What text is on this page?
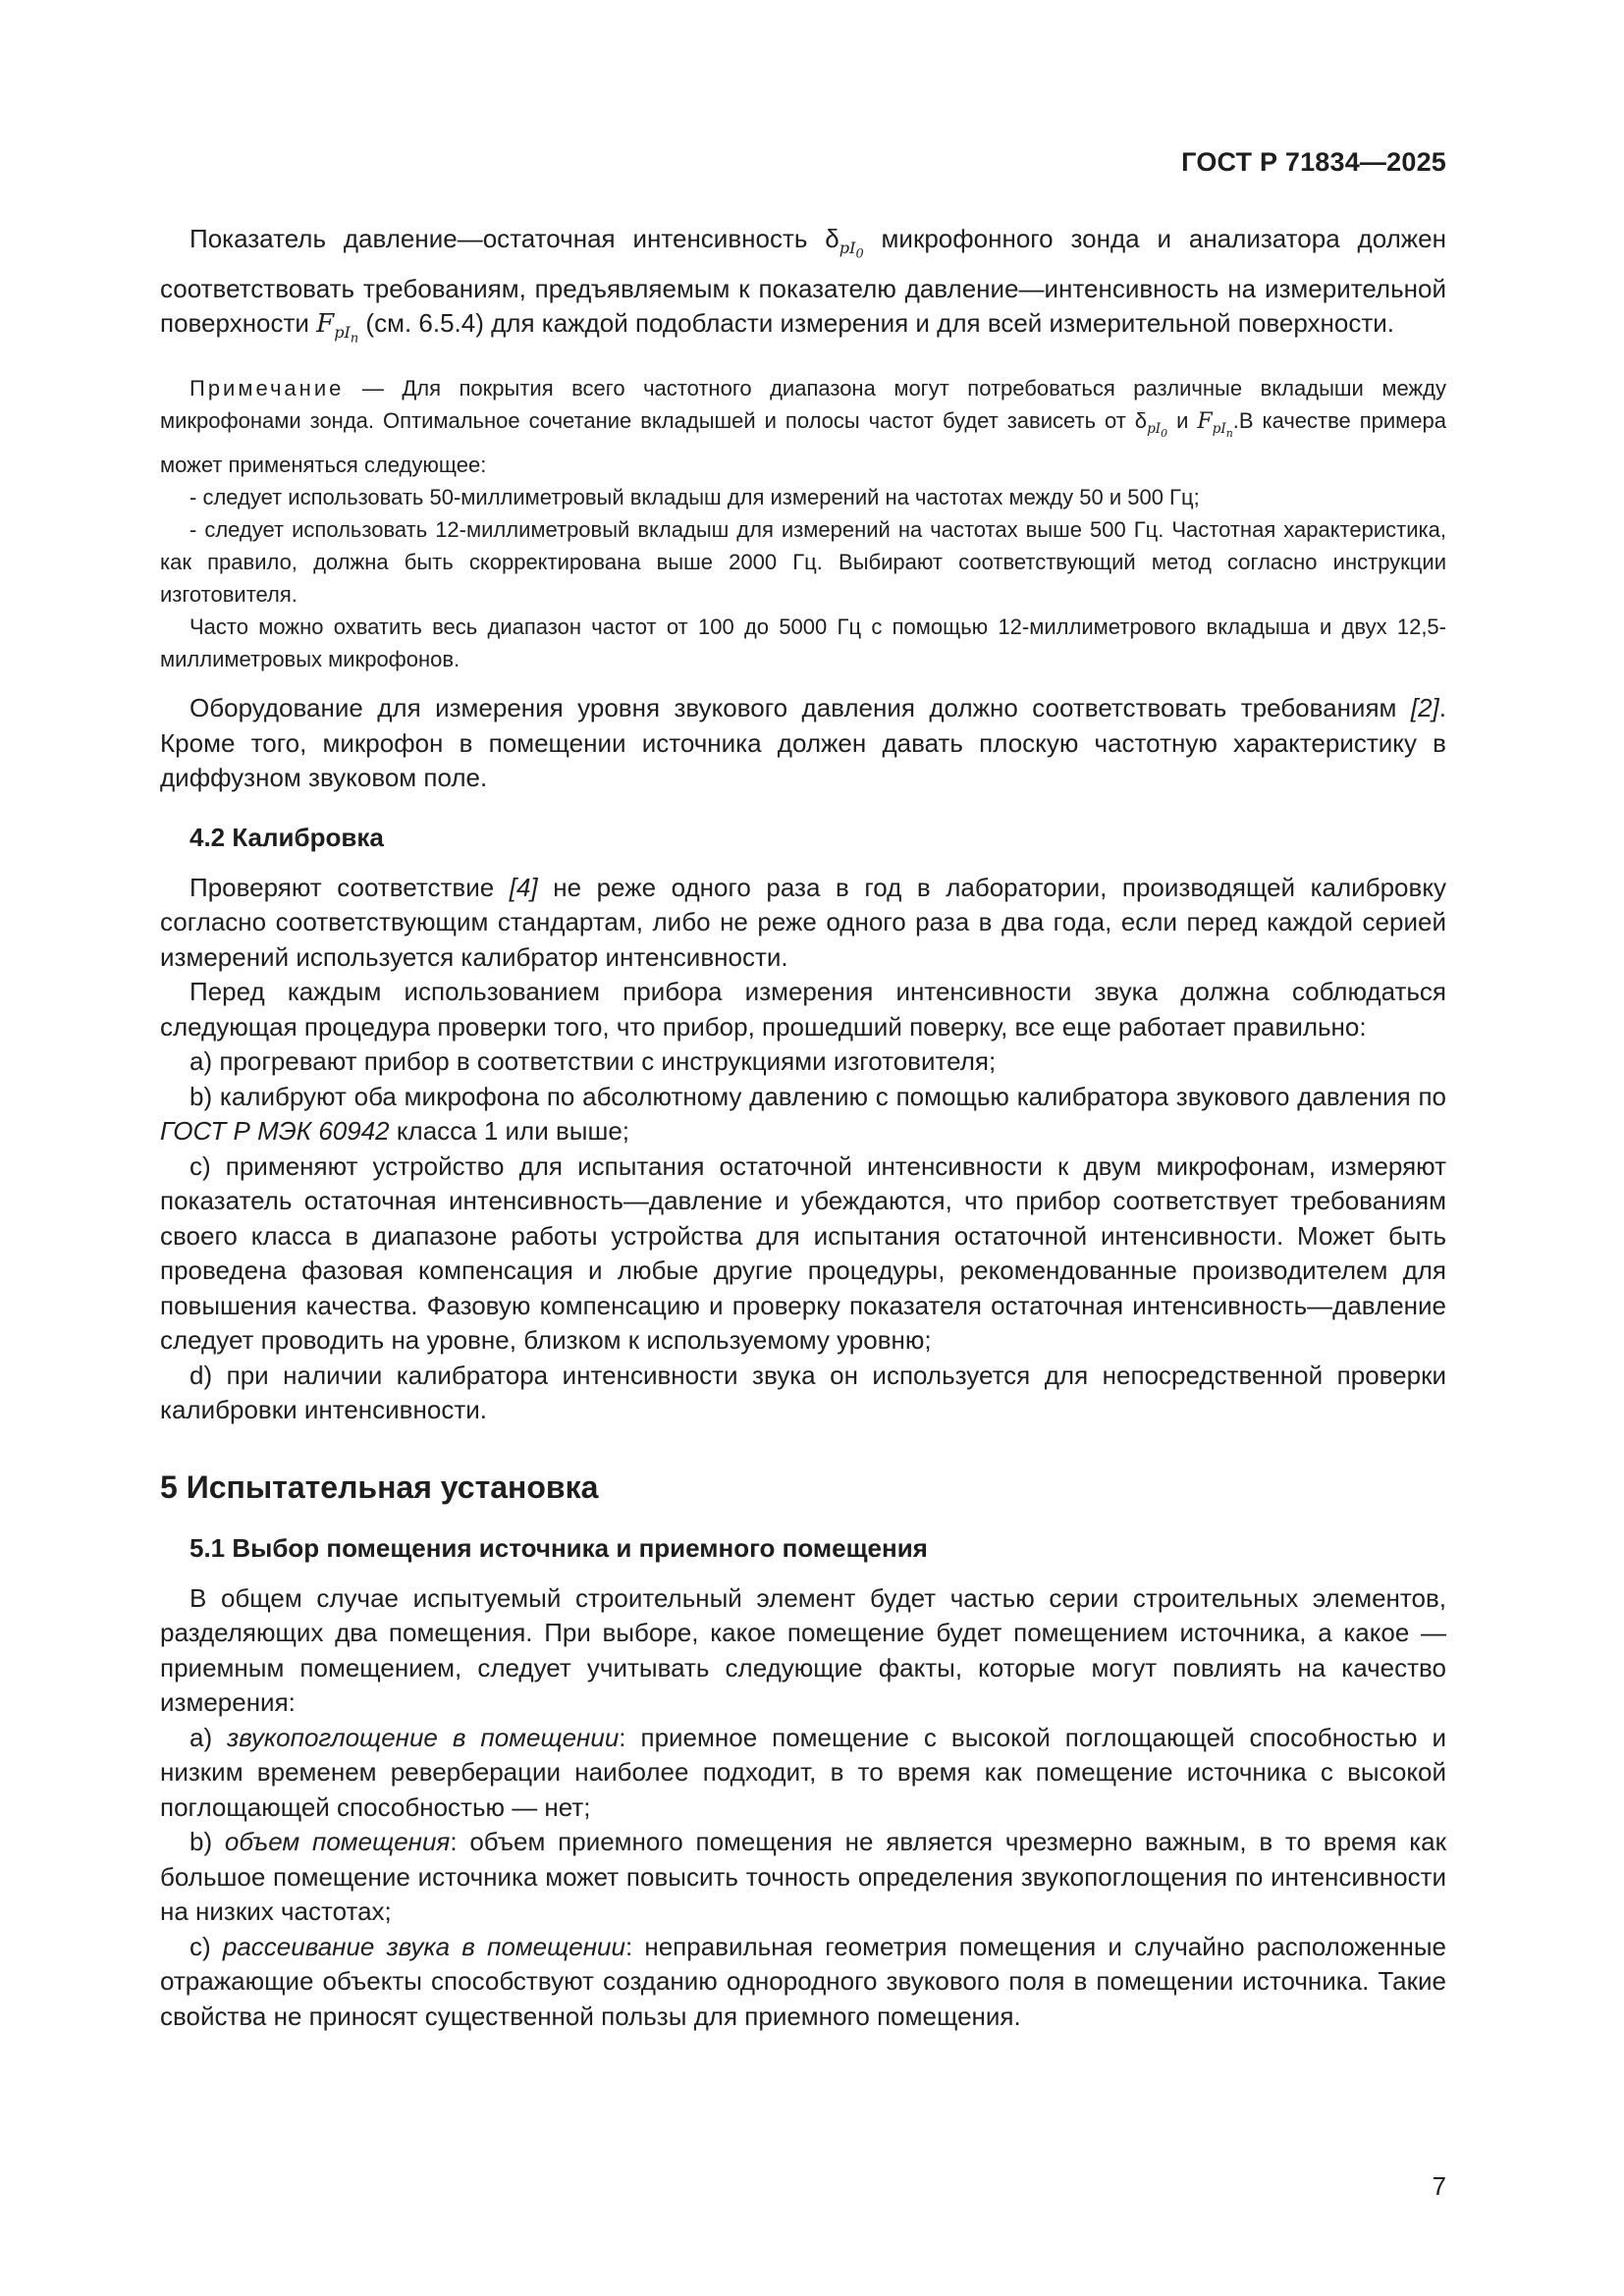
ГОСТ Р 71834—2025

Показатель давление—остаточная интенсивность $\delta_{pI_0}$ микрофонного зонда и анализатора должен соответствовать требованиям, предъявляемым к показателю давление—интенсивность на измерительной поверхности $F_{pI_n}$ (см. 6.5.4) для каждой подобласти измерения и для всей измерительной поверхности.

Примечание — Для покрытия всего частотного диапазона могут потребоваться различные вкладыши между микрофонами зонда. Оптимальное сочетание вкладышей и полосы частот будет зависеть от $\delta_{pI_0}$ и $F_{pI_n}.В$ качестве примера может применяться следующее:

- следует использовать 50-миллиметровый вкладыш для измерений на частотах между 50 и 500 Гц;

- следует использовать 12-миллиметровый вкладыш для измерений на частотах выше 500 Гц. Частотная характеристика, как правило, должна быть скорректирована выше 2000 Гц. Выбирают соответствующий метод согласно инструкции изготовителя.

Часто можно охватить весь диапазон частот от 100 до 5000 Гц с помощью 12-миллиметрового вкладыша и двух 12,5-миллиметровых микрофонов.

Оборудование для измерения уровня звукового давления должно соответствовать требованиям [2]. Кроме того, микрофон в помещении источника должен давать плоскую частотную характеристику в диффузном звуковом поле.

4.2 Калибровка

Проверяют соответствие [4] не реже одного раза в год в лаборатории, производящей калибровку согласно соответствующим стандартам, либо не реже одного раза в два года, если перед каждой серией измерений используется калибратор интенсивности.

Перед каждым использованием прибора измерения интенсивности звука должна соблюдаться следующая процедура проверки того, что прибор, прошедший поверку, все еще работает правильно:

a) прогревают прибор в соответствии с инструкциями изготовителя;

b) калибруют оба микрофона по абсолютному давлению с помощью калибратора звукового давления по ГОСТ Р МЭК 60942 класса 1 или выше;

c) применяют устройство для испытания остаточной интенсивности к двум микрофонам, измеряют показатель остаточная интенсивность—давление и убеждаются, что прибор соответствует требованиям своего класса в диапазоне работы устройства для испытания остаточной интенсивности. Может быть проведена фазовая компенсация и любые другие процедуры, рекомендованные производителем для повышения качества. Фазовую компенсацию и проверку показателя остаточная интенсивность—давление следует проводить на уровне, близком к используемому уровню;

d) при наличии калибратора интенсивности звука он используется для непосредственной проверки калибровки интенсивности.

5 Испытательная установка
5.1 Выбор помещения источника и приемного помещения

В общем случае испытуемый строительный элемент будет частью серии строительных элементов, разделяющих два помещения. При выборе, какое помещение будет помещением источника, а какое — приемным помещением, следует учитывать следующие факты, которые могут повлиять на качество измерения:

a) звукопоглощение в помещении: приемное помещение с высокой поглощающей способностью и низким временем реверберации наиболее подходит, в то время как помещение источника с высокой поглощающей способностью — нет;

b) объем помещения: объем приемного помещения не является чрезмерно важным, в то время как большое помещение источника может повысить точность определения звукопоглощения по интенсивности на низких частотах;

c) рассеивание звука в помещении: неправильная геометрия помещения и случайно расположенные отражающие объекты способствуют созданию однородного звукового поля в помещении источника. Такие свойства не приносят существенной пользы для приемного помещения.

7
